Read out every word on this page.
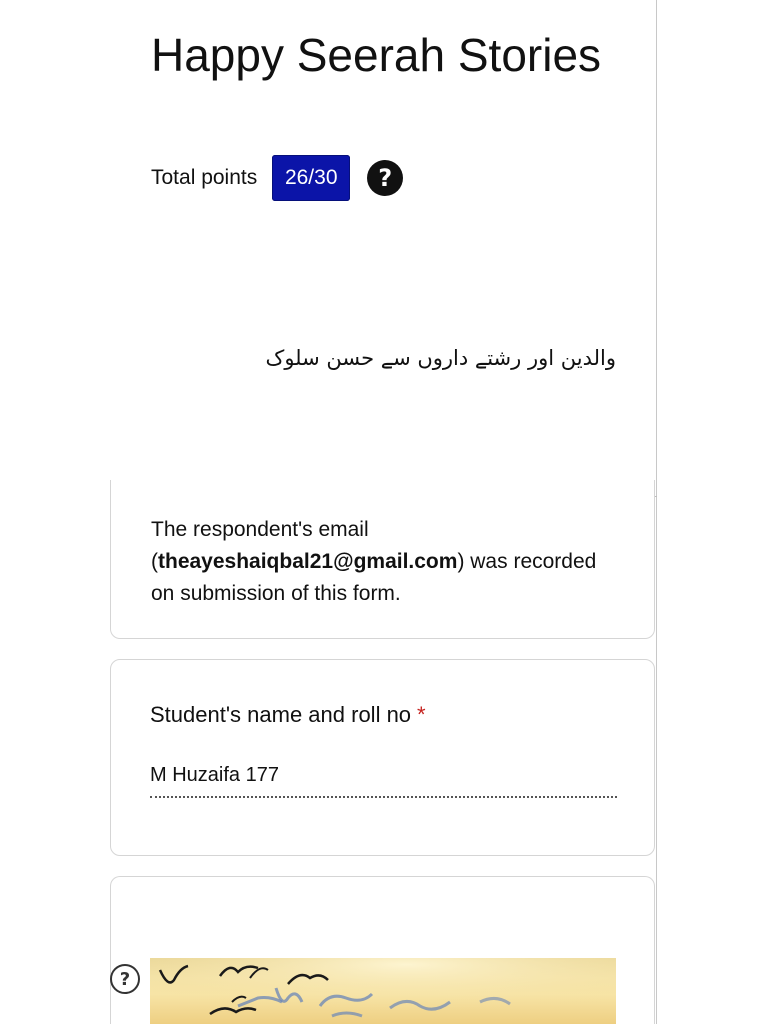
Happy Seerah Stories
Total points	26/30	?
والدین اور رشتے داروں سے حسن سلوک
The respondent's email (theayeshaiqbal21@gmail.com) was recorded on submission of this form.
Student's name and roll no *
M Huzaifa 177
?
